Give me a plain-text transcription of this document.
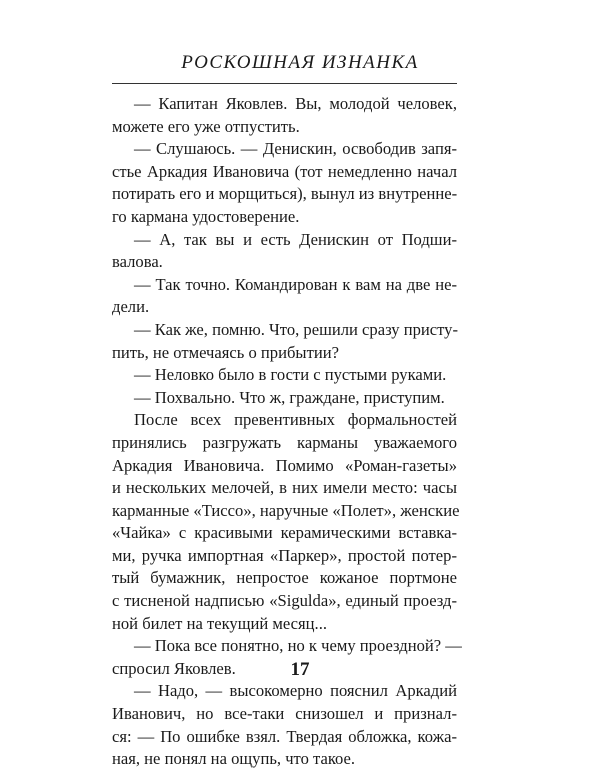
РОСКОШНАЯ ИЗНАНКА
— Капитан Яковлев. Вы, молодой человек,
можете его уже отпустить.
— Слушаюсь. — Денискин, освободив запя-
стье Аркадия Ивановича (тот немедленно начал
потирать его и морщиться), вынул из внутренне-
го кармана удостоверение.
— А, так вы и есть Денискин от Подши-
валова.
— Так точно. Командирован к вам на две не-
дели.
— Как же, помню. Что, решили сразу присту-
пить, не отмечаясь о прибытии?
— Неловко было в гости с пустыми руками.
— Похвально. Что ж, граждане, приступим.
После всех превентивных формальностей
принялись разгружать карманы уважаемого
Аркадия Ивановича. Помимо «Роман-газеты»
и нескольких мелочей, в них имели место: часы
карманные «Тиссо», наручные «Полет», женские
«Чайка» с красивыми керамическими вставка-
ми, ручка импортная «Паркер», простой потер-
тый бумажник, непростое кожаное портмоне
с тисненой надписью «Sigulda», единый проезд-
ной билет на текущий месяц...
— Пока все понятно, но к чему проездной? —
спросил Яковлев.
— Надо, — высокомерно пояснил Аркадий
Иванович, но все-таки снизошел и признал-
ся: — По ошибке взял. Твердая обложка, кожа-
ная, не понял на ощупь, что такое.
17
